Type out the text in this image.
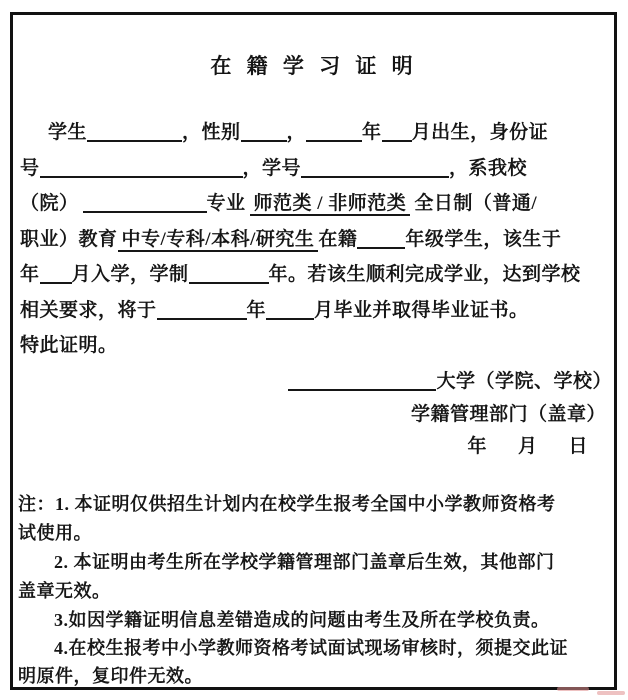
在 籍 学 习 证 明
学生	，性别 ，	年 月出生，身份证
号	，学号	，系我校
（院）	专业 师范类 / 非师范类 全日制（普通/
职业）教育 中专/专科/本科/研究生 在籍	年级学生，该生于
年 月入学，学制	年。若该生顺利完成学业，达到学校
相关要求，将于	年	月毕业并取得毕业证书。
特此证明。
大学（学院、学校）
学籍管理部门（盖章）
年 月 日
注：1. 本证明仅供招生计划内在校学生报考全国中小学教师资格考
试使用。
2. 本证明由考生所在学校学籍管理部门盖章后生效，其他部门
盖章无效。
3.如因学籍证明信息差错造成的问题由考生及所在学校负责。
4.在校生报考中小学教师资格考试面试现场审核时，须提交此证
明原件，复印件无效。
